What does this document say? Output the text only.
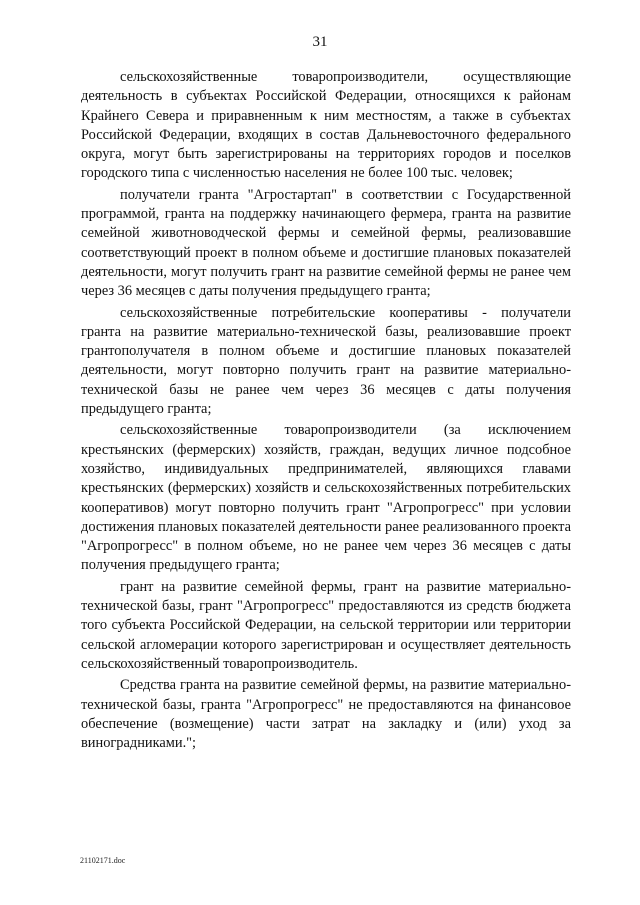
31

сельскохозяйственные товаропроизводители, осуществляющие деятельность в субъектах Российской Федерации, относящихся к районам Крайнего Севера и приравненным к ним местностям, а также в субъектах Российской Федерации, входящих в состав Дальневосточного федерального округа, могут быть зарегистрированы на территориях городов и поселков городского типа с численностью населения не более 100 тыс. человек;

получатели гранта "Агростартап" в соответствии с Государственной программой, гранта на поддержку начинающего фермера, гранта на развитие семейной животноводческой фермы и семейной фермы, реализовавшие соответствующий проект в полном объеме и достигшие плановых показателей деятельности, могут получить грант на развитие семейной фермы не ранее чем через 36 месяцев с даты получения предыдущего гранта;

сельскохозяйственные потребительские кооперативы - получатели гранта на развитие материально-технической базы, реализовавшие проект грантополучателя в полном объеме и достигшие плановых показателей деятельности, могут повторно получить грант на развитие материально-технической базы не ранее чем через 36 месяцев с даты получения предыдущего гранта;

сельскохозяйственные товаропроизводители (за исключением крестьянских (фермерских) хозяйств, граждан, ведущих личное подсобное хозяйство, индивидуальных предпринимателей, являющихся главами крестьянских (фермерских) хозяйств и сельскохозяйственных потребительских кооперативов) могут повторно получить грант "Агропрогресс" при условии достижения плановых показателей деятельности ранее реализованного проекта "Агропрогресс" в полном объеме, но не ранее чем через 36 месяцев с даты получения предыдущего гранта;

грант на развитие семейной фермы, грант на развитие материально-технической базы, грант "Агропрогресс" предоставляются из средств бюджета того субъекта Российской Федерации, на сельской территории или территории сельской агломерации которого зарегистрирован и осуществляет деятельность сельскохозяйственный товаропроизводитель.

Средства гранта на развитие семейной фермы, на развитие материально-технической базы, гранта "Агропрогресс" не предоставляются на финансовое обеспечение (возмещение) части затрат на закладку и (или) уход за виноградниками.";

21102171.doc
